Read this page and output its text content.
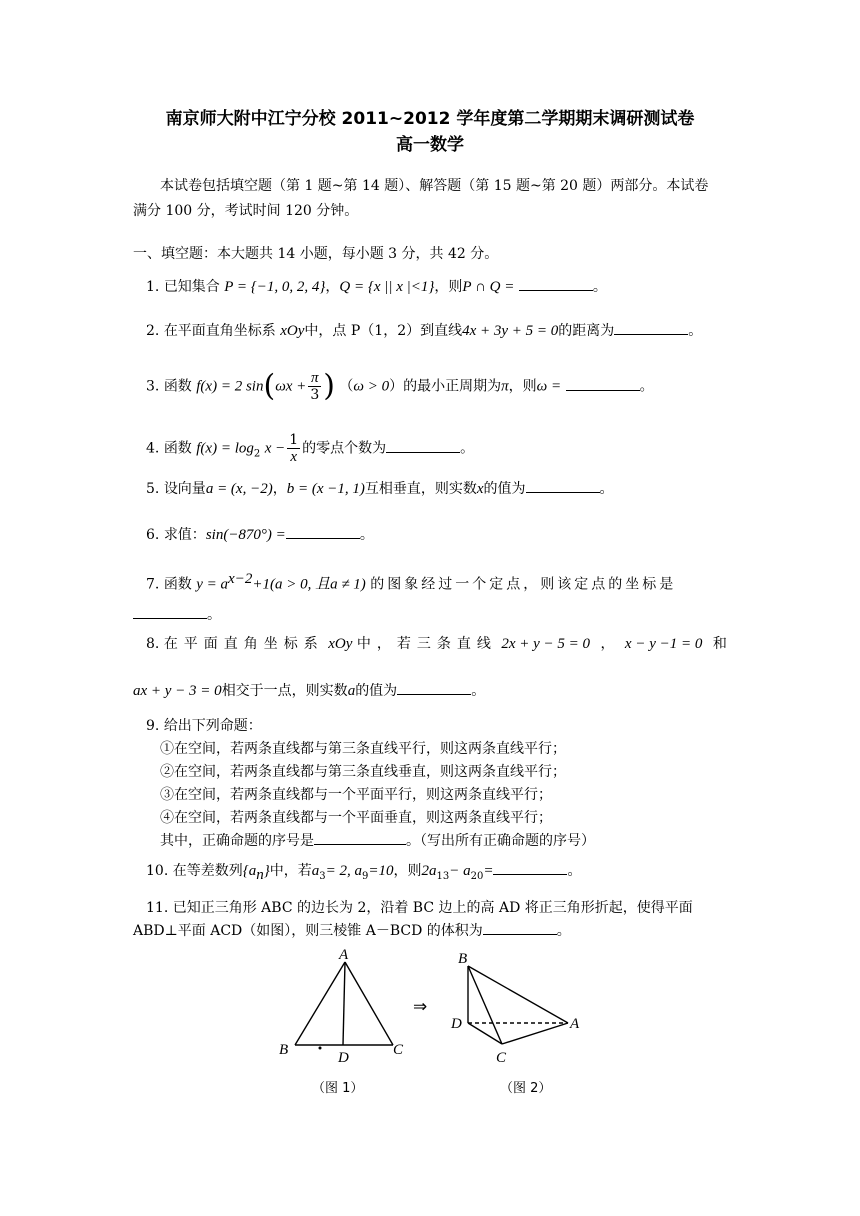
南京师大附中江宁分校 2011~2012 学年度第二学期期末调研测试卷
高一数学
本试卷包括填空题（第 1 题~第 14 题）、解答题（第 15 题~第 20 题）两部分。本试卷
满分 100 分，考试时间 120 分钟。
一、填空题：本大题共 14 小题，每小题 3 分，共 42 分。
1. 已知集合 P = {−1, 0, 2, 4}，Q = {x || x |<1}，则P ∩ Q =	。
2. 在平面直角坐标系 xOy中，点 P（1，2）到直线4x + 3y + 5 = 0的距离为	。
3. 函数 f(x) = 2 $\sin(\omega x + \frac{\pi}{3}$ ) （ω > 0）的最小正周期为π，则ω =	。
4. 函数 $f(x) = \log_2 x - \frac{1}{x}$ 的零点个数为	。
5. 设向量a = (x, −2)，b = (x −1, 1)互相垂直，则实数x的值为	。
6. 求值：sin(−870°) =	。
7. 函数 $y = a^{x-2}+1(a > 0$, 且a ≠ 1) 的图象经过一个定点，则该定点的坐标是
。
8. 在平面直角坐标系 xOy 中，若三条直线 2x + y − 5 = 0 ， x − y −1 = 0 和
ax + y − 3 = 0相交于一点，则实数a的值为	。
9. 给出下列命题：
①在空间，若两条直线都与第三条直线平行，则这两条直线平行；
②在空间，若两条直线都与第三条直线垂直，则这两条直线平行；
③在空间，若两条直线都与一个平面平行，则这两条直线平行；
④在空间，若两条直线都与一个平面垂直，则这两条直线平行；
其中，正确命题的序号是	。（写出所有正确命题的序号）
10. 在等差数列$\{a_n\}$中，若$a_3= 2$, $a_9=10$，则$2a_{13}- a_{20}=$	。
11. 已知正三角形 ABC 的边长为 2，沿着 BC 边上的高 AD 将正三角形折起，使得平面
ABD⊥平面 ACD（如图），则三棱锥 A－BCD 的体积为	。
A
B	D	C
⇒
B
D	A
C
（图 1）	（图 2）
